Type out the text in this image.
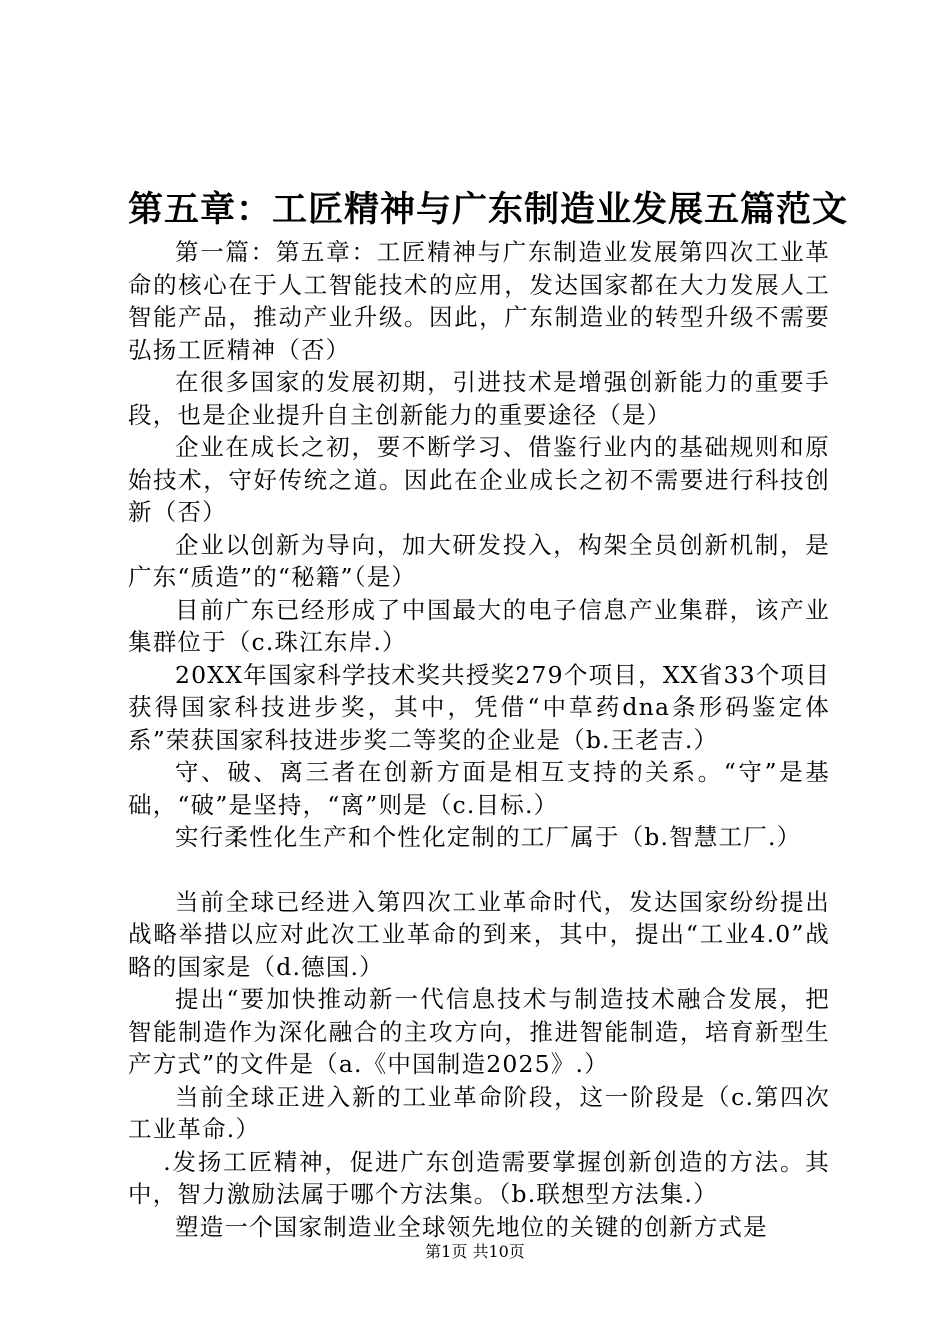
第五章：工匠精神与广东制造业发展五篇范文

第一篇：第五章：工匠精神与广东制造业发展第四次工业革命的核心在于人工智能技术的应用，发达国家都在大力发展人工智能产品，推动产业升级。因此，广东制造业的转型升级不需要弘扬工匠精神（否）

在很多国家的发展初期，引进技术是增强创新能力的重要手段，也是企业提升自主创新能力的重要途径（是）

企业在成长之初，要不断学习、借鉴行业内的基础规则和原始技术，守好传统之道。因此在企业成长之初不需要进行科技创新（否）

企业以创新为导向，加大研发投入，构架全员创新机制，是广东“质造”的“秘籍”（是）

目前广东已经形成了中国最大的电子信息产业集群，该产业集群位于（c.珠江东岸.）

20XX年国家科学技术奖共授奖279个项目，XX省33个项目获得国家科技进步奖，其中，凭借“中草药dna条形码鉴定体系”荣获国家科技进步奖二等奖的企业是（b.王老吉.）

守、破、离三者在创新方面是相互支持的关系。“守”是基础，“破”是坚持，“离”则是（c.目标.）

实行柔性化生产和个性化定制的工厂属于（b.智慧工厂.）

当前全球已经进入第四次工业革命时代，发达国家纷纷提出战略举措以应对此次工业革命的到来，其中，提出“工业4.0”战略的国家是（d.德国.）

提出“要加快推动新一代信息技术与制造技术融合发展，把智能制造作为深化融合的主攻方向，推进智能制造，培育新型生产方式”的文件是（a.《中国制造2025》.）

当前全球正进入新的工业革命阶段，这一阶段是（c.第四次工业革命.）

.发扬工匠精神，促进广东创造需要掌握创新创造的方法。其中，智力激励法属于哪个方法集。（b.联想型方法集.）

塑造一个国家制造业全球领先地位的关键的创新方式是

第1页 共10页
